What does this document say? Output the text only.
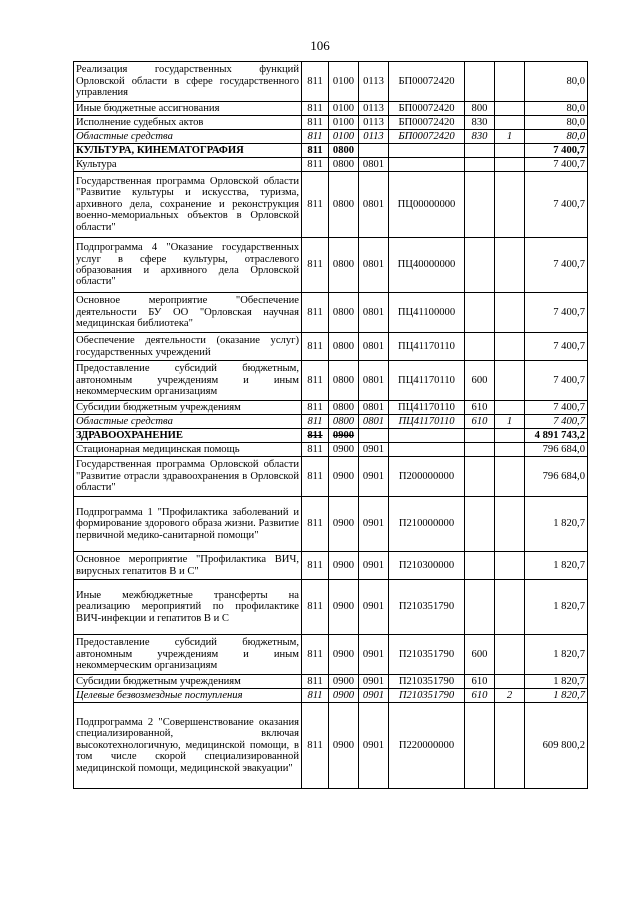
106
Реализация государственных функций Орловской области в сфере государственного управления	811	0100	0113	БП00072420			80,0
Иные бюджетные ассигнования	811	0100	0113	БП00072420	800		80,0
Исполнение судебных актов	811	0100	0113	БП00072420	830		80,0
Областные средства	811	0100	0113	БП00072420	830	1	80,0
КУЛЬТУРА, КИНЕМАТОГРАФИЯ	811	0800					7 400,7
Культура	811	0800	0801				7 400,7
Государственная программа Орловской области "Развитие культуры и искусства, туризма, архивного дела, сохранение и реконструкция военно-мемориальных объектов в Орловской области"	811	0800	0801	ПЦ00000000			7 400,7
Подпрограмма 4 "Оказание государственных услуг в сфере культуры, отраслевого образования и архивного дела Орловской области"	811	0800	0801	ПЦ40000000			7 400,7
Основное мероприятие "Обеспечение деятельности БУ ОО "Орловская научная медицинская библиотека"	811	0800	0801	ПЦ41100000			7 400,7
Обеспечение деятельности (оказание услуг) государственных учреждений	811	0800	0801	ПЦ41170110			7 400,7
Предоставление субсидий бюджетным, автономным учреждениям и иным некоммерческим организациям	811	0800	0801	ПЦ41170110	600		7 400,7
Субсидии бюджетным учреждениям	811	0800	0801	ПЦ41170110	610		7 400,7
Областные средства	811	0800	0801	ПЦ41170110	610	1	7 400,7
ЗДРАВООХРАНЕНИЕ	811	0900					4 891 743,2
Стационарная медицинская помощь	811	0900	0901				796 684,0
Государственная программа Орловской области "Развитие отрасли здравоохранения в Орловской области"	811	0900	0901	П200000000			796 684,0
Подпрограмма 1 "Профилактика заболеваний и формирование здорового образа жизни. Развитие первичной медико-санитарной помощи"	811	0900	0901	П210000000			1 820,7
Основное мероприятие "Профилактика ВИЧ, вирусных гепатитов В и С"	811	0900	0901	П210300000			1 820,7
Иные межбюджетные трансферты на реализацию мероприятий по профилактике ВИЧ-инфекции и гепатитов В и С	811	0900	0901	П210351790			1 820,7
Предоставление субсидий бюджетным, автономным учреждениям и иным некоммерческим организациям	811	0900	0901	П210351790	600		1 820,7
Субсидии бюджетным учреждениям	811	0900	0901	П210351790	610		1 820,7
Целевые безвозмездные поступления	811	0900	0901	П210351790	610	2	1 820,7
Подпрограмма 2 "Совершенствование оказания специализированной, включая высокотехнологичную, медицинской помощи, в том числе скорой специализированной медицинской помощи, медицинской эвакуации"	811	0900	0901	П220000000			609 800,2
